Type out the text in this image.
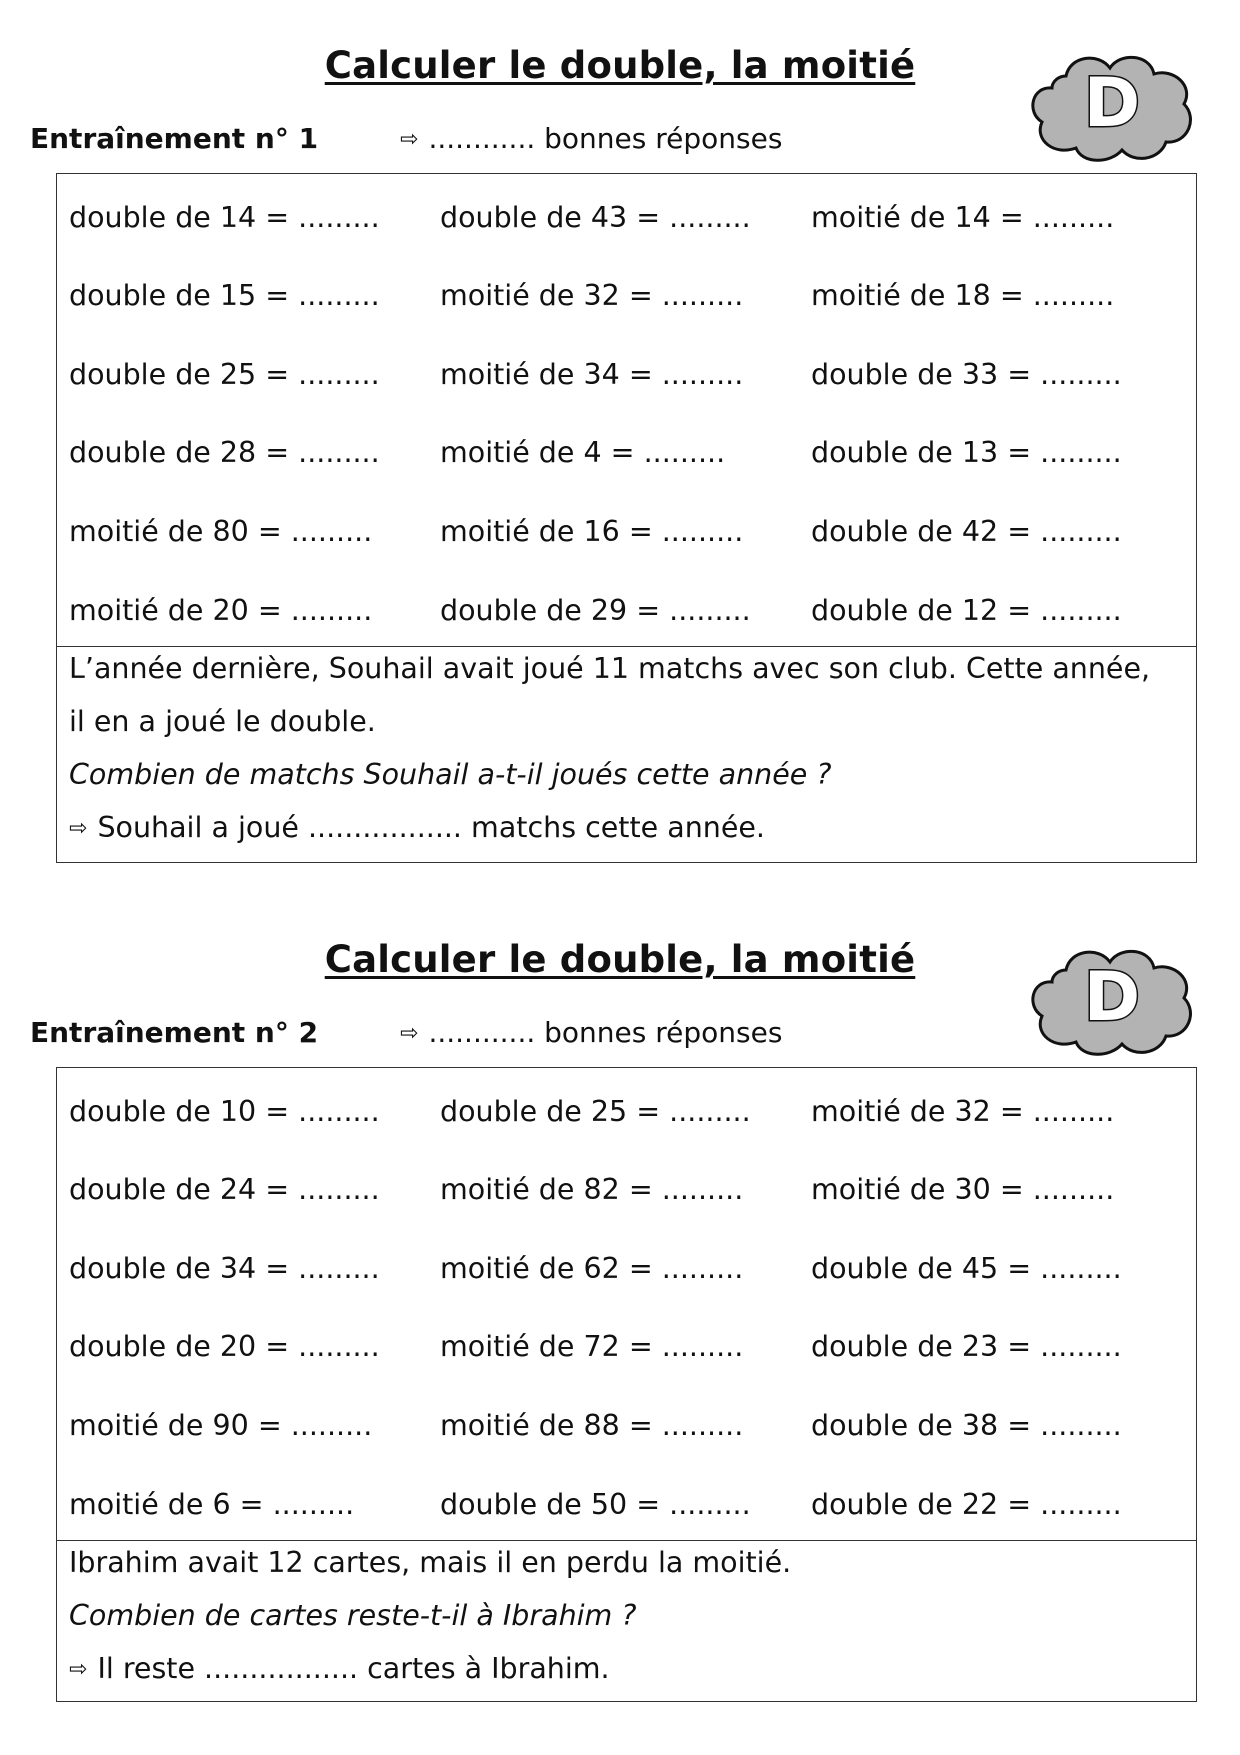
Calculer le double, la moitié	D
Entraînement n° 1	⇨ ............ bonnes réponses
double de 14 = ......... double de 43 = ......... moitié de 14 = .........
double de 15 = ......... moitié de 32 = ......... moitié de 18 = .........
double de 25 = ......... moitié de 34 = ......... double de 33 = .........
double de 28 = ......... moitié de 4 = .........	double de 13 = .........
moitié de 80 = ......... moitié de 16 = ......... double de 42 = .........
moitié de 20 = ......... double de 29 = ......... double de 12 = .........
L’année dernière, Souhail avait joué 11 matchs avec son club. Cette année,
il en a joué le double.
Combien de matchs Souhail a-t-il joués cette année ?
⇨ Souhail a joué ................. matchs cette année.
Calculer le double, la moitié	D
Entraînement n° 2	⇨ ............ bonnes réponses
double de 10 = ......... double de 25 = ......... moitié de 32 = .........
double de 24 = ......... moitié de 82 = ......... moitié de 30 = .........
double de 34 = ......... moitié de 62 = ......... double de 45 = .........
double de 20 = ......... moitié de 72 = ......... double de 23 = .........
moitié de 90 = ......... moitié de 88 = ......... double de 38 = .........
moitié de 6 = .........	double de 50 = ......... double de 22 = .........
Ibrahim avait 12 cartes, mais il en perdu la moitié.
Combien de cartes reste-t-il à Ibrahim ?
⇨ Il reste ................. cartes à Ibrahim.
